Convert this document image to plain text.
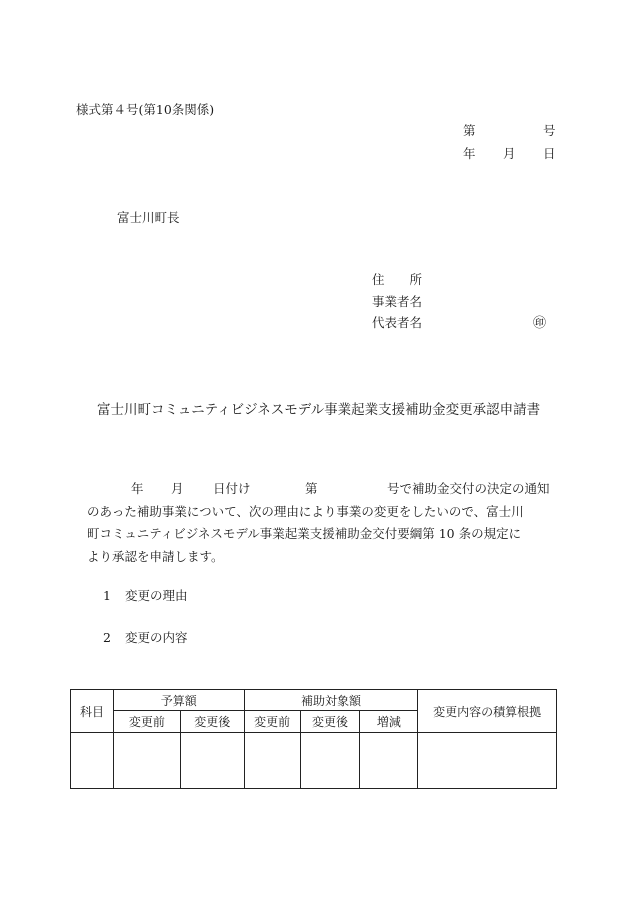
様式第４号(第10条関係)
第	号
年 月 日
富士川町長
住　　所
事業者名
代表者名	㊞
富士川町コミュニティビジネスモデル事業起業支援補助金変更承認申請書
年 月 日付け	第	号で補助金交付の決定の通知
のあった補助事業について、次の理由により事業の変更をしたいので、富士川
町コミュニティビジネスモデル事業起業支援補助金交付要綱第 10 条の規定に
より承認を申請します。
1 変更の理由
2 変更の内容
科目	予算額		補助対象額			変更内容の積算根拠
	変更前	変更後	変更前	変更後	増減	
